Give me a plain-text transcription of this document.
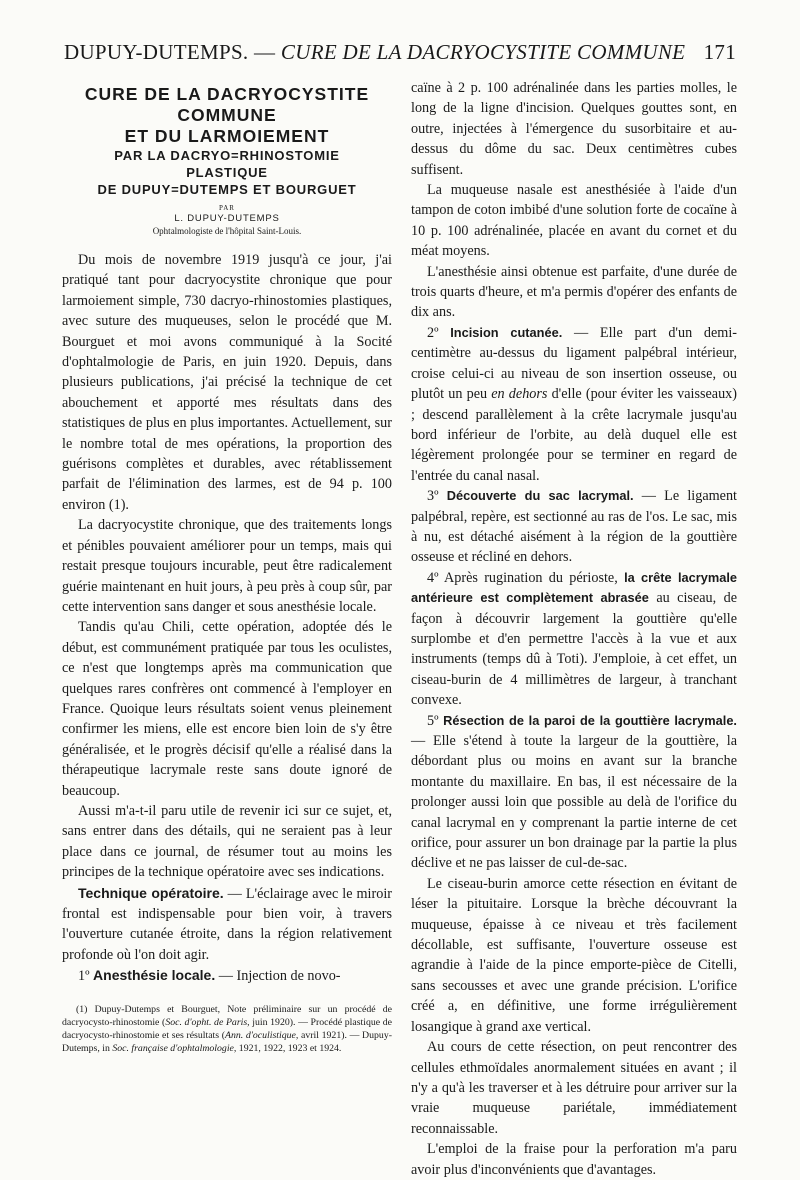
DUPUY-DUTEMPS. — CURE DE LA DACRYOCYSTITE COMMUNE 171
CURE DE LA DACRYOCYSTITE
COMMUNE
ET DU LARMOIEMENT
PAR LA DACRYO=RHINOSTOMIE
PLASTIQUE
DE DUPUY=DUTEMPS ET BOURGUET
PAR
L. DUPUY-DUTEMPS
Ophtalmologiste de l'hôpital Saint-Louis.

Du mois de novembre 1919 jusqu'à ce jour, j'ai pratiqué tant pour dacryocystite chronique que pour larmoiement simple, 730 dacryo-rhinostomies plastiques, avec suture des muqueuses, selon le procédé que M. Bourguet et moi avons communiqué à la Socité d'ophtalmologie de Paris, en juin 1920. Depuis, dans plusieurs publications, j'ai précisé la technique de cet abouchement et apporté mes résultats dans des statistiques de plus en plus importantes. Actuellement, sur le nombre total de mes opérations, la proportion des guérisons complètes et durables, avec rétablissement parfait de l'élimination des larmes, est de 94 p. 100 environ (1).

La dacryocystite chronique, que des traitements longs et pénibles pouvaient améliorer pour un temps, mais qui restait presque toujours incurable, peut être radicalement guérie maintenant en huit jours, à peu près à coup sûr, par cette intervention sans danger et sous anesthésie locale.

Tandis qu'au Chili, cette opération, adoptée dés le début, est communément pratiquée par tous les oculistes, ce n'est que longtemps après ma communication que quelques rares confrères ont commencé à l'employer en France. Quoique leurs résultats soient venus pleinement confirmer les miens, elle est encore bien loin de s'y être généralisée, et le progrès décisif qu'elle a réalisé dans la thérapeutique lacrymale reste sans doute ignoré de beaucoup.

Aussi m'a-t-il paru utile de revenir ici sur ce sujet, et, sans entrer dans des détails, qui ne seraient pas à leur place dans ce journal, de résumer tout au moins les principes de la technique opératoire avec ses indications.

Technique opératoire. — L'éclairage avec le miroir frontal est indispensable pour bien voir, à travers l'ouverture cutanée étroite, dans la région relativement profonde où l'on doit agir.

1º Anesthésie locale. — Injection de novo-

(1) Dupuy-Dutemps et Bourguet, Note préliminaire sur un procédé de dacryocysto-rhinostomie (Soc. d'opht. de Paris, juin 1920). — Procédé plastique de dacryocysto-rhinostomie et ses résultats (Ann. d'oculistique, avril 1921). — Dupuy-Dutemps, in Soc. française d'ophtalmologie, 1921, 1922, 1923 et 1924.

caïne à 2 p. 100 adrénalinée dans les parties molles, le long de la ligne d'incision. Quelques gouttes sont, en outre, injectées à l'émergence du susorbitaire et au-dessus du dôme du sac. Deux centimètres cubes suffisent.

La muqueuse nasale est anesthésiée à l'aide d'un tampon de coton imbibé d'une solution forte de cocaïne à 10 p. 100 adrénalinée, placée en avant du cornet et du méat moyens.

L'anesthésie ainsi obtenue est parfaite, d'une durée de trois quarts d'heure, et m'a permis d'opérer des enfants de dix ans.

2º Incision cutanée. — Elle part d'un demi-centimètre au-dessus du ligament palpébral intérieur, croise celui-ci au niveau de son insertion osseuse, ou plutôt un peu en dehors d'elle (pour éviter les vaisseaux) ; descend parallèlement à la crête lacrymale jusqu'au bord inférieur de l'orbite, au delà duquel elle est légèrement prolongée pour se terminer en regard de l'entrée du canal nasal.

3º Découverte du sac lacrymal. — Le ligament palpébral, repère, est sectionné au ras de l'os. Le sac, mis à nu, est détaché aisément à la région de la gouttière osseuse et récliné en dehors.

4º Après rugination du périoste, la crête lacrymale antérieure est complètement abrasée au ciseau, de façon à découvrir largement la gouttière qu'elle surplombe et d'en permettre l'accès à la vue et aux instruments (temps dû à Toti). J'emploie, à cet effet, un ciseau-burin de 4 millimètres de largeur, à tranchant convexe.

5º Résection de la paroi de la gouttière lacrymale. — Elle s'étend à toute la largeur de la gouttière, la débordant plus ou moins en avant sur la branche montante du maxillaire. En bas, il est nécessaire de la prolonger aussi loin que possible au delà de l'orifice du canal lacrymal en y comprenant la partie interne de cet orifice, pour assurer un bon drainage par la partie la plus déclive et ne pas laisser de cul-de-sac.

Le ciseau-burin amorce cette résection en évitant de léser la pituitaire. Lorsque la brèche découvrant la muqueuse, épaisse à ce niveau et très facilement décollable, est suffisante, l'ouverture osseuse est agrandie à l'aide de la pince emporte-pièce de Citelli, sans secousses et avec une grande précision. L'orifice créé a, en définitive, une forme irrégulièrement losangique à grand axe vertical.

Au cours de cette résection, on peut rencontrer des cellules ethmoïdales anormalement situées en avant ; il n'y a qu'à les traverser et à les détruire pour arriver sur la vraie muqueuse pariétale, immédiatement reconnaissable.

L'emploi de la fraise pour la perforation m'a paru avoir plus d'inconvénients que d'avantages.
